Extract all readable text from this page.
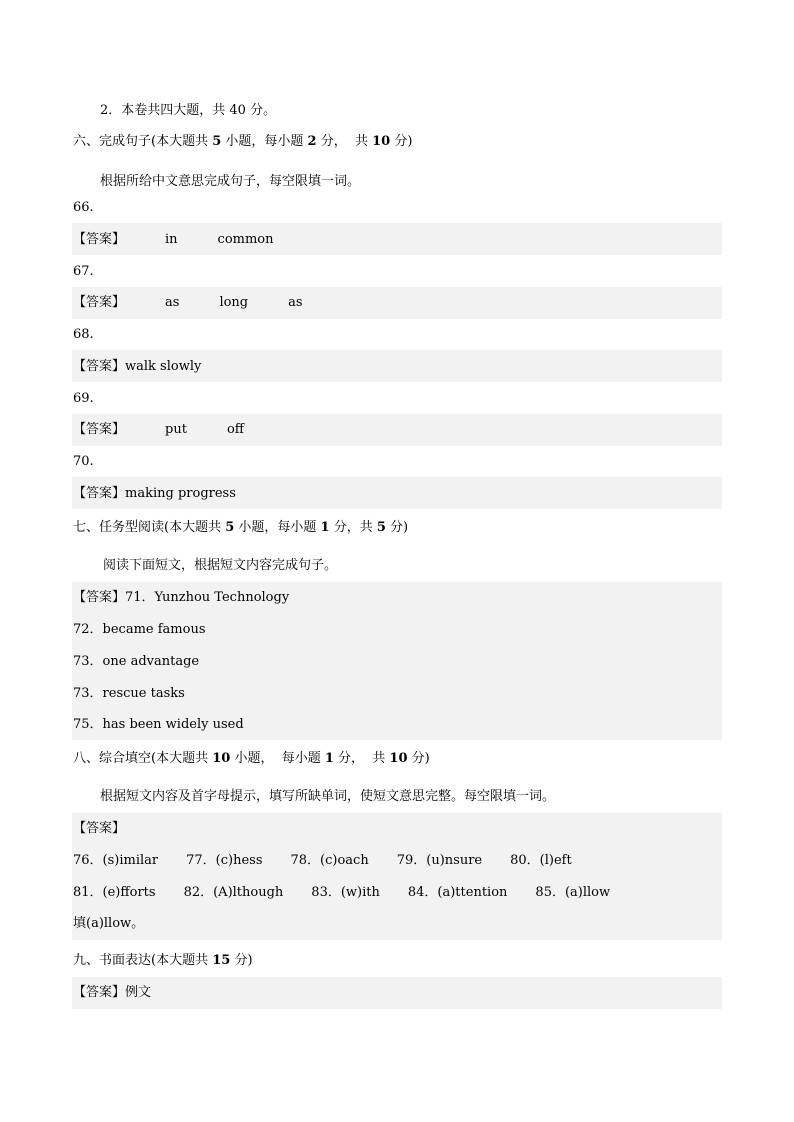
2．本卷共四大题，共 40 分。
六、完成句子(本大题共 5 小题，每小题 2 分，  共 10 分)
根据所给中文意思完成句子，每空限填一词。
66.
【答案】	in	common
67.
【答案】	as	long	as
68.
【答案】walk slowly
69.
【答案】	put	off
70.
【答案】making progress
七、任务型阅读(本大题共 5 小题，每小题 1 分，共 5 分)
阅读下面短文，根据短文内容完成句子。
【答案】71．Yunzhou Technology
72．became famous
73．one advantage
73．rescue tasks
75．has been widely used
八、综合填空(本大题共 10 小题，  每小题 1 分，  共 10 分)
根据短文内容及首字母提示，填写所缺单词，使短文意思完整。每空限填一词。
【答案】
76．(s)imilar 77．(c)hess 78．(c)oach 79．(u)nsure 80．(l)eft
81．(e)fforts 82．(A)lthough 83．(w)ith 84．(a)ttention 85．(a)llow
填(a)llow。
九、书面表达(本大题共 15 分)
【答案】例文
